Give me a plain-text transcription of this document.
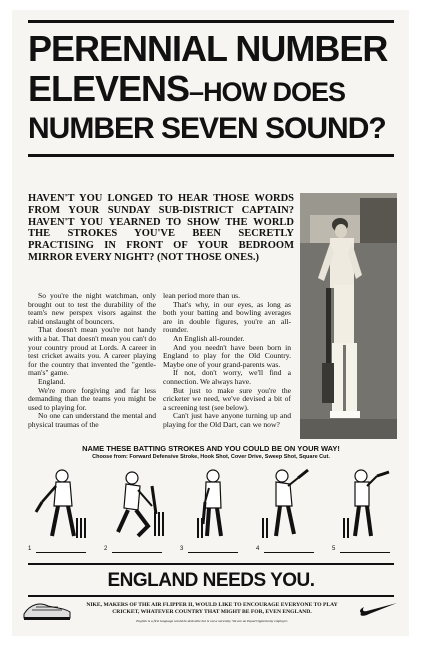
PERENNIAL NUMBER
ELEVENS–HOW DOES
NUMBER SEVEN SOUND?
HAVEN'T YOU LONGED TO HEAR THOSE WORDS FROM YOUR SUNDAY SUB-DISTRICT CAPTAIN? HAVEN'T YOU YEARNED TO SHOW THE WORLD THE STROKES YOU'VE BEEN SECRETLY PRACTISING IN FRONT OF YOUR BEDROOM MIRROR EVERY NIGHT? (NOT THOSE ONES.)

So you're the night watchman, only brought out to test the durability of the team's new perspex visors against the rabid onslaught of bouncers.

That doesn't mean you're not handy with a bat. That doesn't mean you can't do your country proud at Lords. A career in test cricket awaits you. A career playing for the country that invented the "gentle-man's" game.

England.

We're more forgiving and far less demanding than the teams you might be used to playing for.

No one can understand the mental and physical traumas of the

lean period more than us.

That's why, in our eyes, as long as both your batting and bowling averages are in double figures, you're an all-rounder.

An English all-rounder.

And you needn't have been born in England to play for the Old Country. Maybe one of your grand-parents was.

If not, don't worry, we'll find a connection. We always have.

But just to make sure you're the cricketer we need, we've devised a bit of a screening test (see below).

Can't just have anyone turning up and playing for the Old Dart, can we now?

NAME THESE BATTING STROKES AND YOU COULD BE ON YOUR WAY!
Choose from: Forward Defensive Stroke, Hook Shot, Cover Drive, Sweep Shot, Square Cut.
1	2	3	4	5
ENGLAND NEEDS YOU.
NIKE, MAKERS OF THE AIR FLIPPER II, WOULD LIKE TO ENCOURAGE EVERYONE TO PLAY CRICKET, WHATEVER COUNTRY THAT MIGHT BE FOR, EVEN ENGLAND.
English is a first language would be desirable but is not a necessity. We are an Equal Opportunity employer.
